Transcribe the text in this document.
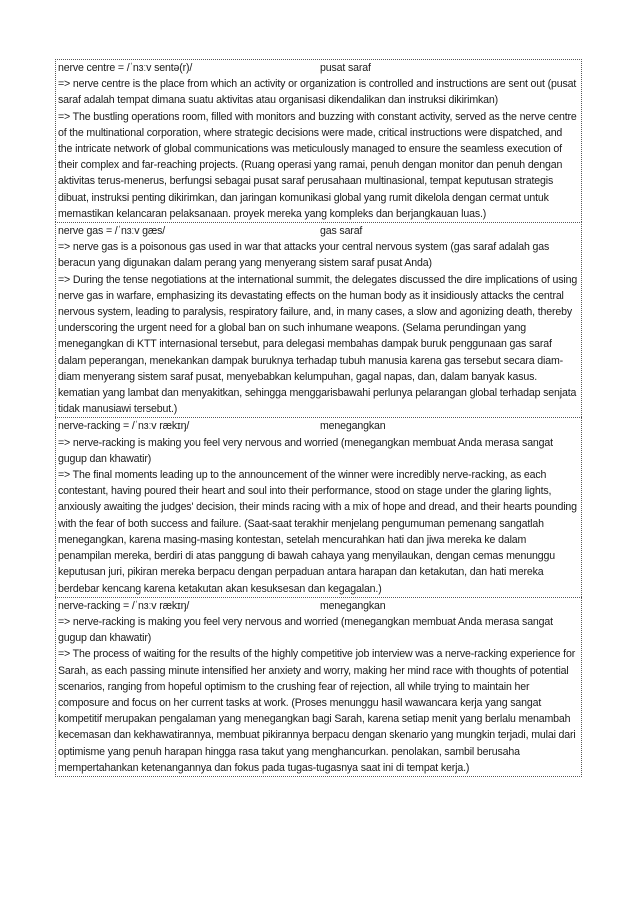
nerve centre = /ˈnɜːv sentə(r)/	pusat saraf

=> nerve centre is the place from which an activity or organization is controlled and instructions are sent out (pusat saraf adalah tempat dimana suatu aktivitas atau organisasi dikendalikan dan instruksi dikirimkan)

=> The bustling operations room, filled with monitors and buzzing with constant activity, served as the nerve centre of the multinational corporation, where strategic decisions were made, critical instructions were dispatched, and the intricate network of global communications was meticulously managed to ensure the seamless execution of their complex and far-reaching projects. (Ruang operasi yang ramai, penuh dengan monitor dan penuh dengan aktivitas terus-menerus, berfungsi sebagai pusat saraf perusahaan multinasional, tempat keputusan strategis dibuat, instruksi penting dikirimkan, dan jaringan komunikasi global yang rumit dikelola dengan cermat untuk memastikan kelancaran pelaksanaan. proyek mereka yang kompleks dan berjangkauan luas.)

nerve gas = /ˈnɜːv ɡæs/	gas saraf

=> nerve gas is a poisonous gas used in war that attacks your central nervous system (gas saraf adalah gas beracun yang digunakan dalam perang yang menyerang sistem saraf pusat Anda)

=> During the tense negotiations at the international summit, the delegates discussed the dire implications of using nerve gas in warfare, emphasizing its devastating effects on the human body as it insidiously attacks the central nervous system, leading to paralysis, respiratory failure, and, in many cases, a slow and agonizing death, thereby underscoring the urgent need for a global ban on such inhumane weapons. (Selama perundingan yang menegangkan di KTT internasional tersebut, para delegasi membahas dampak buruk penggunaan gas saraf dalam peperangan, menekankan dampak buruknya terhadap tubuh manusia karena gas tersebut secara diam-diam menyerang sistem saraf pusat, menyebabkan kelumpuhan, gagal napas, dan, dalam banyak kasus. kematian yang lambat dan menyakitkan, sehingga menggarisbawahi perlunya pelarangan global terhadap senjata tidak manusiawi tersebut.)

nerve-racking = /ˈnɜːv rækɪŋ/	menegangkan

=> nerve-racking is making you feel very nervous and worried (menegangkan membuat Anda merasa sangat gugup dan khawatir)

=> The final moments leading up to the announcement of the winner were incredibly nerve-racking, as each contestant, having poured their heart and soul into their performance, stood on stage under the glaring lights, anxiously awaiting the judges' decision, their minds racing with a mix of hope and dread, and their hearts pounding with the fear of both success and failure. (Saat-saat terakhir menjelang pengumuman pemenang sangatlah menegangkan, karena masing-masing kontestan, setelah mencurahkan hati dan jiwa mereka ke dalam penampilan mereka, berdiri di atas panggung di bawah cahaya yang menyilaukan, dengan cemas menunggu keputusan juri, pikiran mereka berpacu dengan perpaduan antara harapan dan ketakutan, dan hati mereka berdebar kencang karena ketakutan akan kesuksesan dan kegagalan.)

nerve-racking = /ˈnɜːv rækɪŋ/	menegangkan

=> nerve-racking is making you feel very nervous and worried (menegangkan membuat Anda merasa sangat gugup dan khawatir)

=> The process of waiting for the results of the highly competitive job interview was a nerve-racking experience for Sarah, as each passing minute intensified her anxiety and worry, making her mind race with thoughts of potential scenarios, ranging from hopeful optimism to the crushing fear of rejection, all while trying to maintain her composure and focus on her current tasks at work. (Proses menunggu hasil wawancara kerja yang sangat kompetitif merupakan pengalaman yang menegangkan bagi Sarah, karena setiap menit yang berlalu menambah kecemasan dan kekhawatirannya, membuat pikirannya berpacu dengan skenario yang mungkin terjadi, mulai dari optimisme yang penuh harapan hingga rasa takut yang menghancurkan. penolakan, sambil berusaha mempertahankan ketenangannya dan fokus pada tugas-tugasnya saat ini di tempat kerja.)
